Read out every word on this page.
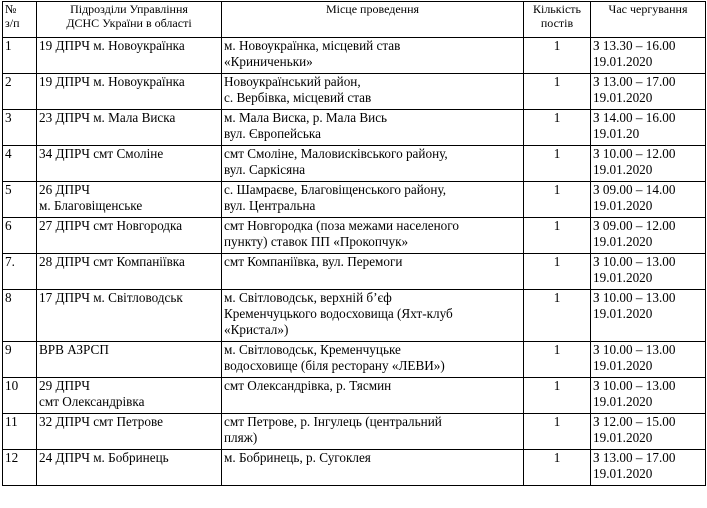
№
з/п	Підрозділи Управління
ДСНС України в області	Місце проведення	Кількість
постів	Час чергування

1	19 ДПРЧ м. Новоукраїнка	м. Новоукраїнка, місцевий став
«Криниченьки»	1	З 13.30 – 16.00
19.01.2020

2	19 ДПРЧ м. Новоукраїнка	Новоукраїнський район,
с. Вербівка, місцевий став	1	З 13.00 – 17.00
19.01.2020

3	23 ДПРЧ м. Мала Виска	м. Мала Виска, р. Мала Вись
вул. Європейська	1	З 14.00 – 16.00
19.01.20

4	34 ДПРЧ смт Смоліне	смт Смоліне, Маловисківського району,
вул. Саркісяна	1	З 10.00 – 12.00
19.01.2020

5	26 ДПРЧ
м. Благовіщенське	с. Шамраєве, Благовіщенського району,
вул. Центральна	1	З 09.00 – 14.00
19.01.2020

6	27 ДПРЧ смт Новгородка	смт Новгородка (поза межами населеного
пункту) ставок ПП «Прокопчук»	1	З 09.00 – 12.00
19.01.2020

7.	28 ДПРЧ смт Компаніївка	смт Компаніївка, вул. Перемоги	1	З 10.00 – 13.00
19.01.2020

8	17 ДПРЧ м. Світловодськ	м. Світловодськ, верхній б’єф
Кременчуцького водосховища (Яхт-клуб
«Кристал»)	1	З 10.00 – 13.00
19.01.2020

9	ВРВ АЗРСП	м. Світловодськ, Кременчуцьке
водосховище (біля ресторану «ЛЕВИ»)	1	З 10.00 – 13.00
19.01.2020

10	29 ДПРЧ
смт Олександрівка	смт Олександрівка, р. Тясмин	1	З 10.00 – 13.00
19.01.2020

11	32 ДПРЧ смт Петрове	смт Петрове, р. Інгулець (центральний
пляж)	1	З 12.00 – 15.00
19.01.2020

12	24 ДПРЧ м. Бобринець	м. Бобринець, р. Сугоклея	1	З 13.00 – 17.00
19.01.2020
